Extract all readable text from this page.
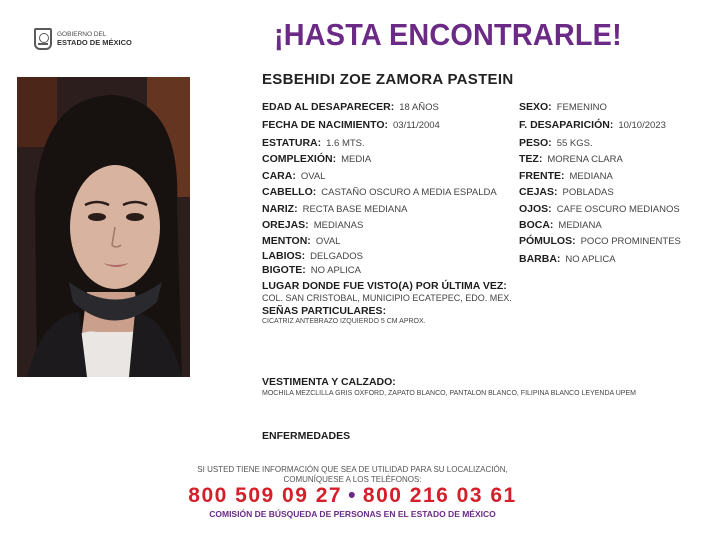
GOBIERNO DEL
ESTADO DE MÉXICO	¡HASTA ENCONTRARLE!
ESBEHIDI ZOE ZAMORA PASTEIN
EDAD AL DESAPARECER: 18 AÑOS
FECHA DE NACIMIENTO: 03/11/2004
ESTATURA: 1.6 MTS.
COMPLEXIÓN: MEDIA
CARA: OVAL
CABELLO: CASTAÑO OSCURO A MEDIA ESPALDA
NARIZ: RECTA BASE MEDIANA
OREJAS: MEDIANAS
MENTON: OVAL
LABIOS: DELGADOS
BIGOTE: NO APLICA
SEXO: FEMENINO
F. DESAPARICIÓN: 10/10/2023
PESO: 55 KGS.
TEZ: MORENA CLARA
FRENTE: MEDIANA
CEJAS: POBLADAS
OJOS: CAFE OSCURO MEDIANOS
BOCA: MEDIANA
PÓMULOS: POCO PROMINENTES
BARBA: NO APLICA
LUGAR DONDE FUE VISTO(A) POR ÚLTIMA VEZ:
COL. SAN CRISTOBAL, MUNICIPIO ECATEPEC, EDO. MEX.
SEÑAS PARTICULARES:
CICATRIZ ANTEBRAZO IZQUIERDO 5 CM APROX.
VESTIMENTA Y CALZADO:
MOCHILA MEZCLILLA GRIS OXFORD, ZAPATO BLANCO, PANTALON BLANCO, FILIPINA BLANCO LEYENDA UPEM
ENFERMEDADES
SI USTED TIENE INFORMACIÓN QUE SEA DE UTILIDAD PARA SU LOCALIZACIÓN,
COMUNÍQUESE A LOS TELÉFONOS:
800 509 09 27 • 800 216 03 61
COMISIÓN DE BÚSQUEDA DE PERSONAS EN EL ESTADO DE MÉXICO
